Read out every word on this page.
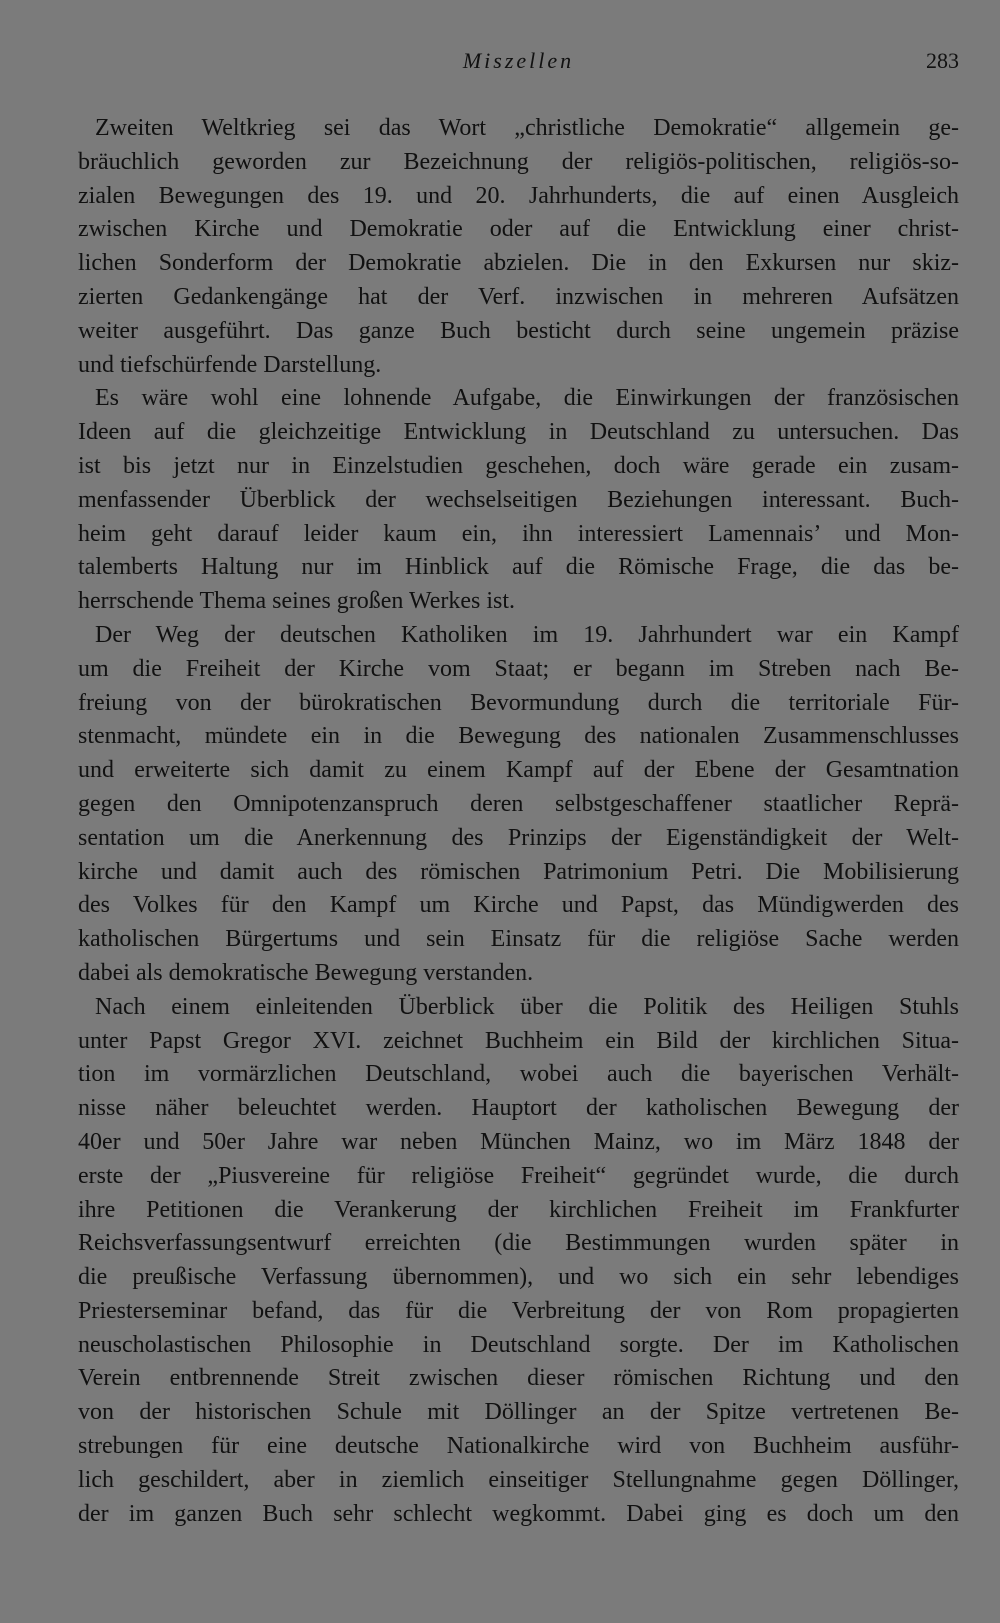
Miszellen	283
Zweiten Weltkrieg sei das Wort „christliche Demokratie“ allgemein ge-
bräuchlich geworden zur Bezeichnung der religiös-politischen, religiös-so-
zialen Bewegungen des 19. und 20. Jahrhunderts, die auf einen Ausgleich
zwischen Kirche und Demokratie oder auf die Entwicklung einer christ-
lichen Sonderform der Demokratie abzielen. Die in den Exkursen nur skiz-
zierten Gedankengänge hat der Verf. inzwischen in mehreren Aufsätzen
weiter ausgeführt. Das ganze Buch besticht durch seine ungemein präzise
und tiefschürfende Darstellung.
Es wäre wohl eine lohnende Aufgabe, die Einwirkungen der französischen
Ideen auf die gleichzeitige Entwicklung in Deutschland zu untersuchen. Das
ist bis jetzt nur in Einzelstudien geschehen, doch wäre gerade ein zusam-
menfassender Überblick der wechselseitigen Beziehungen interessant. Buch-
heim geht darauf leider kaum ein, ihn interessiert Lamennais’ und Mon-
talemberts Haltung nur im Hinblick auf die Römische Frage, die das be-
herrschende Thema seines großen Werkes ist.
Der Weg der deutschen Katholiken im 19. Jahrhundert war ein Kampf
um die Freiheit der Kirche vom Staat; er begann im Streben nach Be-
freiung von der bürokratischen Bevormundung durch die territoriale Für-
stenmacht, mündete ein in die Bewegung des nationalen Zusammenschlusses
und erweiterte sich damit zu einem Kampf auf der Ebene der Gesamtnation
gegen den Omnipotenzanspruch deren selbstgeschaffener staatlicher Reprä-
sentation um die Anerkennung des Prinzips der Eigenständigkeit der Welt-
kirche und damit auch des römischen Patrimonium Petri. Die Mobilisierung
des Volkes für den Kampf um Kirche und Papst, das Mündigwerden des
katholischen Bürgertums und sein Einsatz für die religiöse Sache werden
dabei als demokratische Bewegung verstanden.
Nach einem einleitenden Überblick über die Politik des Heiligen Stuhls
unter Papst Gregor XVI. zeichnet Buchheim ein Bild der kirchlichen Situa-
tion im vormärzlichen Deutschland, wobei auch die bayerischen Verhält-
nisse näher beleuchtet werden. Hauptort der katholischen Bewegung der
40er und 50er Jahre war neben München Mainz, wo im März 1848 der
erste der „Piusvereine für religiöse Freiheit“ gegründet wurde, die durch
ihre Petitionen die Verankerung der kirchlichen Freiheit im Frankfurter
Reichsverfassungsentwurf erreichten (die Bestimmungen wurden später in
die preußische Verfassung übernommen), und wo sich ein sehr lebendiges
Priesterseminar befand, das für die Verbreitung der von Rom propagierten
neuscholastischen Philosophie in Deutschland sorgte. Der im Katholischen
Verein entbrennende Streit zwischen dieser römischen Richtung und den
von der historischen Schule mit Döllinger an der Spitze vertretenen Be-
strebungen für eine deutsche Nationalkirche wird von Buchheim ausführ-
lich geschildert, aber in ziemlich einseitiger Stellungnahme gegen Döllinger,
der im ganzen Buch sehr schlecht wegkommt. Dabei ging es doch um den
